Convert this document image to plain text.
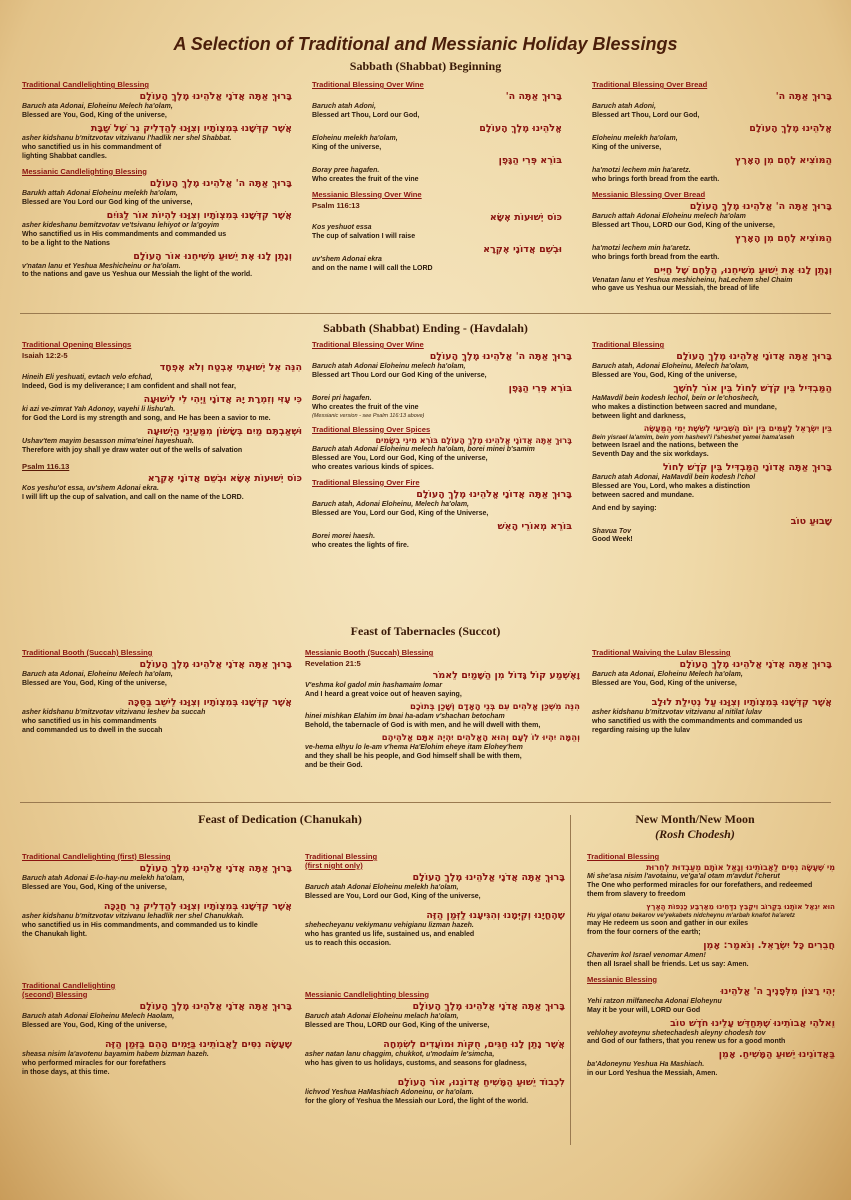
A Selection of Traditional and Messianic Holiday Blessings
Sabbath (Shabbat) Beginning
Traditional Candlelighting Blessing
בָּרוּךְ אַתָּה אֲדֹנָי אֱלֹהֵינוּ מֶלֶךְ הָעוֹלָם
Baruch ata Adonai, Eloheinu Melech ha'olam,
Blessed are You, God, King of the universe,
אֲשֶׁר קִדְּשָׁנוּ בְּמִצְוֹתָיו וְצִוָּנוּ לְהַדְלִיק נֵר שֶׁל שַׁבָּת
asher kidshanu b'mitzvotav vitzivanu l'hadlik ner shel Shabbat.
who sanctified us in his commandment of
lighting Shabbat candles.
Messianic Candlelighting Blessing
בָּרוּךְ אַתָּה ה' אֱלֹהֵינוּ מֶלֶךְ הָעוֹלָם
Barukh attah Adonai Eloheinu melekh ha'olam,
Blessed are You Lord our God king of the universe,
אֲשֶׁר קִדְּשָׁנוּ בְּמִצְוֹתָיו וְצִוָּנוּ לִהְיוֹת אוֹר לַגּוֹיִם
asher kideshanu bemitzvotav ve'tsivanu lehiyot or la'goyim
Who sanctified us in His commandments and commanded us
to be a light to the Nations
וְנָתַן לָנוּ אֶת יֵשׁוּעַ מְשִׁיחֵנוּ אוֹר הָעוֹלָם
v'natan lanu et Yeshua Meshicheinu or ha'olam.
to the nations and gave us Yeshua our Messiah the light of the world.
Traditional Blessing Over Wine
בָּרוּךְ אַתָּה ה'
Baruch atah Adoni,
Blessed art Thou, Lord our God,
אֱלֹהֵינוּ מֶלֶךְ הָעוֹלָם
Eloheinu melekh ha'olam,
King of the universe,
בּוֹרֵא פְּרִי הַגָּפֶן
Boray pree hagafen.
Who creates the fruit of the vine
Messianic Blessing Over Wine
Psalm 116:13
כּוֹס יְשׁוּעוֹת אֶשָּׂא
Kos yeshuot essa
The cup of salvation I will raise
וּבְשֵׁם אֲדוֹנָי אֶקְרָא
uv'shem Adonai ekra
and on the name I will call the LORD
Traditional Blessing Over Bread
בָּרוּךְ אַתָּה ה'
Baruch atah Adoni,
Blessed art Thou, Lord our God,
אֱלֹהֵינוּ מֶלֶךְ הָעוֹלָם
Eloheinu melekh ha'olam,
King of the universe,
הַמּוֹצִיא לֶחֶם מִן הָאָרֶץ
ha'motzi lechem min ha'aretz.
who brings forth bread from the earth.
Messianic Blessing Over Bread
בָּרוּךְ אַתָּה ה' אֱלֹהֵינוּ מֶלֶךְ הָעוֹלָם
Baruch attah Adonai Eloheinu melech ha'olam
Blessed art Thou, LORD our God, King of the universe,
הַמּוֹצִיא לֶחֶם מִן הָאָרֶץ
ha'motzi lechem min ha'aretz.
who brings forth bread from the earth.
וְנָתַן לָנוּ אֶת יֵשׁוּעַ מְשִׁיחֵנוּ, הַלֶּחֶם שֶׁל חַיִּים
Venatan lanu et Yeshua meshicheinu, haLechem shel Chaim
who gave us Yeshua our Messiah, the bread of life
Sabbath (Shabbat) Ending - (Havdalah)
Traditional Opening Blessings
Isaiah 12:2-5
הִנֵּה אֵל יְשׁוּעָתִי אֶבְטַח וְלֹא אֶפְחָד
Hineih Eli yeshuati, evtach velo efchad,
Indeed, God is my deliverance; I am confident and shall not fear,
כִּי עָזִּי וְזִמְרָת יָהּ אֲדוֹנָי וַיְהִי לִי לִישׁוּעָה
ki azi ve-zimrat Yah Adonoy, vayehi li lishu'ah.
for God the Lord is my strength and song, and He has been a savior to me.
וּשְׁאַבְתֶּם מַיִם בְּשָׂשׂוֹן מִמַּעַיְנֵי הַיְשׁוּעָה
Ushav'tem mayim besasson mima'einei hayeshuah.
Therefore with joy shall ye draw water out of the wells of salvation
Psalm 116.13
כּוֹס יְשׁוּעוֹת אֶשָּׂא וּבְשֵׁם אֲדוֹנָי אֶקְרָא
Kos yeshu'ot essa, uv'shem Adonai ekra.
I will lift up the cup of salvation, and call on the name of the LORD.
Traditional Blessing Over Wine
בָּרוּךְ אַתָּה ה' אֱלֹהֵינוּ מֶלֶךְ הָעוֹלָם
Baruch atah Adonai Eloheinu melech ha'olam,
Blessed art Thou Lord our God King of the universe,
בּוֹרֵא פְּרִי הַגָּפֶן
Borei pri hagafen.
Who creates the fruit of the vine
(Messianic version - see Psalm 116:13 above)
Traditional Blessing Over Spices
בָּרוּךְ אַתָּה אֲדוֹנָי אֱלֹהֵינוּ מֶלֶךְ הָעוֹלָם בּוֹרֵא מִינֵי בְשָׂמִים
Baruch atah Adonai Eloheinu melech ha'olam, borei minei b'samim
Blessed are You, Lord our God, King of the universe,
who creates various kinds of spices.
Traditional Blessing Over Fire
בָּרוּךְ אַתָּה אֲדוֹנָי אֱלֹהֵינוּ מֶלֶךְ הָעוֹלָם
Baruch atah, Adonai Eloheinu, Melech ha'olam,
Blessed are You, Lord our God, King of the Universe,
בּוֹרֵא מְאוֹרֵי הָאֵשׁ
Borei morei haesh.
who creates the lights of fire.
Traditional Blessing
בָּרוּךְ אַתָּה אֲדוֹנָי אֱלֹהֵינוּ מֶלֶךְ הָעוֹלָם
Baruch atah, Adonai Eloheinu, Melech ha'olam,
Blessed are You, God, King of the universe,
הַמַּבְדִּיל בֵּין קֹדֶשׁ לְחוֹל בֵּין אוֹר לְחֹשֶׁךְ
HaMavdil bein kodesh lechol, bein or le'choshech,
who makes a distinction between sacred and mundane,
between light and darkness,
בֵּין יִשְׂרָאֵל לָעַמִּים בֵּין יוֹם הַשְּׁבִיעִי לְשֵׁשֶׁת יְמֵי הַמַּעֲשֶׂה
Bein yisrael la'amim, bein yom hashevi'i l'sheshet yemei hama'aseh
between Israel and the nations, between the
Seventh Day and the six workdays.
בָּרוּךְ אַתָּה אֲדוֹנָי הַמַּבְדִּיל בֵּין קֹדֶשׁ לְחוֹל
Baruch atah Adonai, HaMavdil bein kodesh l'chol
Blessed are You, Lord, who makes a distinction
between sacred and mundane.
And end by saying:
שָׁבוּעַ טוֹב
Shavua Tov
Good Week!
Feast of Tabernacles (Succot)
Traditional Booth (Succah) Blessing
בָּרוּךְ אַתָּה אֲדֹנָי אֱלֹהֵינוּ מֶלֶךְ הָעוֹלָם
Baruch ata Adonai, Eloheinu Melech ha'olam,
Blessed are You, God, King of the universe,
אֲשֶׁר קִדְּשָׁנוּ בְּמִצְוֹתָיו וְצִוָּנוּ לֵישֵׁב בַּסֻּכָּה
asher kidshanu b'mitzvotav vitzivanu leshev ba succah
who sanctified us in his commandments
and commanded us to dwell in the succah
Messianic Booth (Succah) Blessing
Revelation 21:5
וָאֶשְׁמַע קוֹל גָּדוֹל מִן הַשָּׁמַיִם לֵאמֹר
V'eshma kol gadol min hashamaim lomar
And I heard a great voice out of heaven saying,
הִנֵּה מִשְׁכַּן אֱלֹהִים עִם בְּנֵי הָאָדָם וְשָׁכַן בְּתוֹכָם
hinei mishkan Elahim im bnai ha-adam v'shachan betocham
Behold, the tabernacle of God is with men, and he will dwell with them,
וְהֵמָּה יִהְיוּ לוֹ לְעָם וְהוּא הָאֱלֹהִים יִהְיֶה אִתָּם אֱלֹהֵיהֶם
ve-hema elhyu lo le-am v'hema Ha'Elohim eheye itam Elohey'hem
and they shall be his people, and God himself shall be with them,
and be their God.
Traditional Waiving the Lulav Blessing
בָּרוּךְ אַתָּה אֲדֹנָי אֱלֹהֵינוּ מֶלֶךְ הָעוֹלָם
Baruch ata Adonai, Eloheinu Melech ha'olam,
Blessed are You, God, King of the universe,
אֲשֶׁר קִדְּשָׁנוּ בְּמִצְוֹתָיו וְצִוָּנוּ עַל נְטִילַת לוּלָב
asher kidshanu b'mitzvotav vitzivanu al nitilat lulav
who sanctified us with the commandments and commanded us
regarding raising up the lulav
Feast of Dedication (Chanukah)
Traditional Candlelighting (first) Blessing
בָּרוּךְ אַתָּה אֲדֹנָי אֱלֹהֵינוּ מֶלֶךְ הָעוֹלָם
Baruch atah Adonai E-lo-hay-nu melekh ha'olam,
Blessed are You, God, King of the universe,
אֲשֶׁר קִדְּשָׁנוּ בְּמִצְוֹתָיו וְצִוָּנוּ לְהַדְלִיק נֵר חֲנֻכָּה
asher kidshanu b'mitzvotav vitzivanu lehadlik ner shel Chanukkah.
who sanctified us in His commandments, and commanded us to kindle
the Chanukah light.
Traditional Candlelighting
(second) Blessing
בָּרוּךְ אַתָּה אֲדֹנָי אֱלֹהֵינוּ מֶלֶךְ הָעוֹלָם
Baruch atah Adonai Eloheinu Melech Haolam,
Blessed are You, God, King of the universe,
שֶׁעָשָׂה נִסִּים לַאֲבוֹתֵינוּ בַּיָּמִים הָהֵם בַּזְּמַן הַזֶּה
sheasa nisim la'avotenu bayamim habem bizman hazeh.
who performed miracles for our forefathers
in those days, at this time.
Traditional Blessing
(first night only)
בָּרוּךְ אַתָּה אֲדֹנָי אֱלֹהֵינוּ מֶלֶךְ הָעוֹלָם
Baruch atah Adonai Eloheinu melekh ha'olam,
Blessed are You, Lord our God, King of the universe,
שֶׁהֶחֱיָנוּ וְקִיְּמָנוּ וְהִגִּיעָנוּ לַזְּמַן הַזֶּה
shehecheyanu vekiymanu vehigianu lizman hazeh.
who has granted us life, sustained us, and enabled
us to reach this occasion.
Messianic Candlelighting blessing
בָּרוּךְ אַתָּה אֲדֹנָי אֱלֹהֵינוּ מֶלֶךְ הָעוֹלָם
Baruch atah Adonai Eloheinu melach ha'olam,
Blessed are Thou, LORD our God, King of the universe,
אֲשֶׁר נָתַן לָנוּ חַגִּים, חֻקּוֹת וּמוֹעֲדִים לְשִׂמְחָה
asher natan lanu chaggim, chukkot, u'modaim le'simcha,
who has given to us holidays, customs, and seasons for gladness,
לִכְבוֹד יֵשׁוּעַ הַמָּשִׁיחַ אֲדוֹנֵנוּ, אוֹר הָעוֹלָם
lichvod Yeshua HaMashiach Adoneinu, or ha'olam.
for the glory of Yeshua the Messiah our Lord, the light of the world.
New Month/New Moon
(Rosh Chodesh)
Traditional Blessing
מִי שֶׁעָשָׂה נִסִּים לַאֲבוֹתֵינוּ וְגָאַל אוֹתָם מֵעַבְדוּת לְחֵרוּת
Mi she'asa nisim l'avotainu, ve'ga'al otam m'avdut l'cherut
The One who performed miracles for our forefathers, and redeemed
them from slavery to freedom
הוּא יִגְאַל אוֹתָנוּ בְּקָרוֹב וִיקַבֵּץ נִדָּחֵינוּ מֵאַרְבַּע כַּנְפוֹת הָאָרֶץ
Hu yigal otanu bekarov ve'yekabets nidcheynu m'arbah knafot ha'aretz
may He redeem us soon and gather in our exiles
from the four corners of the earth;
חֲבֵרִים כָּל יִשְׂרָאֵל. וְנֹאמַר: אָמֵן
Chaverim kol Israel venomar Amen!
then all Israel shall be friends. Let us say: Amen.
Messianic Blessing
יְהִי רָצוֹן מִלְּפָנֶיךָ ה' אֱלֹהֵינוּ
Yehi ratzon milfanecha Adonai Eloheynu
May it be your will, LORD our God
וֵאלֹהֵי אֲבוֹתֵינוּ שֶׁתְּחַדֵּשׁ עָלֵינוּ חֹדֶשׁ טוֹב
vehlohey avoteynu shetechadesh aleyny chodesh tov
and God of our fathers, that you renew us for a good month
בַּאֲדוֹנֵינוּ יֵשׁוּעַ הַמָּשִׁיחַ. אָמֵן
ba'Adoneynu Yeshua Ha Mashiach.
in our Lord Yeshua the Messiah, Amen.
